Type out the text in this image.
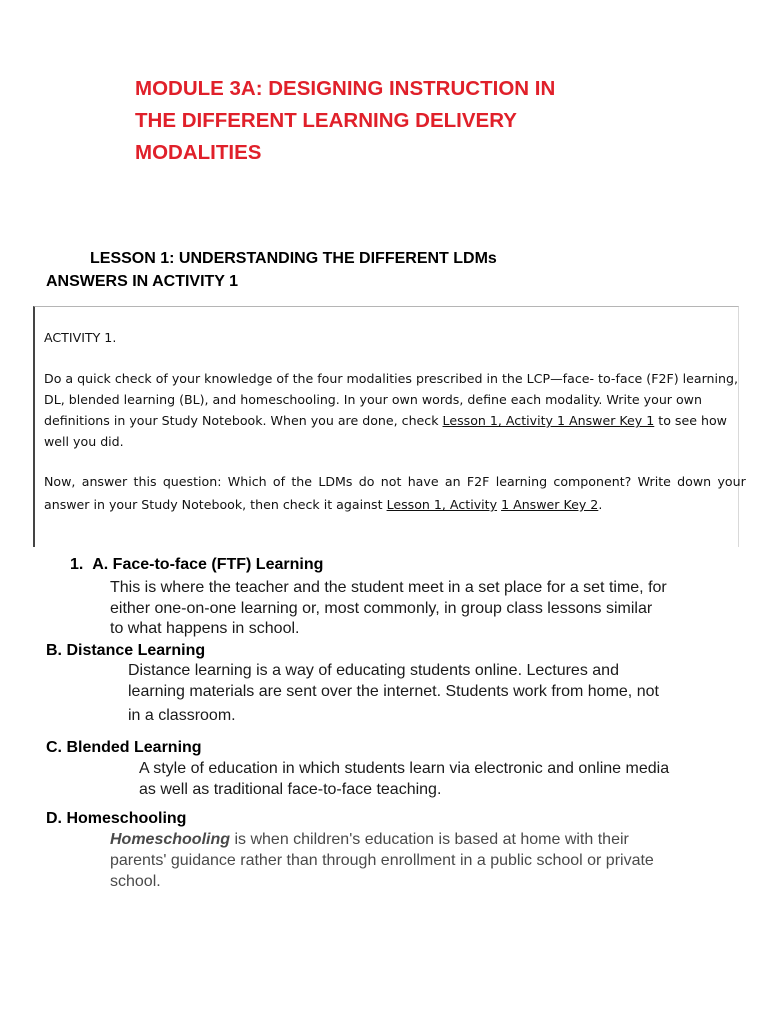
MODULE 3A: DESIGNING INSTRUCTION IN
THE DIFFERENT LEARNING DELIVERY
MODALITIES
LESSON 1: UNDERSTANDING THE DIFFERENT LDMs
ANSWERS IN ACTIVITY 1
ACTIVITY 1.
Do a quick check of your knowledge of the four modalities prescribed in the LCP—face- to-face (F2F) learning,
DL, blended learning (BL), and homeschooling. In your own words, define each modality. Write your own
definitions in your Study Notebook. When you are done, check Lesson 1, Activity 1 Answer Key 1 to see how
well you did.
Now, answer this question: Which of the LDMs do not have an F2F learning component? Write down your
answer in your Study Notebook, then check it against Lesson 1, Activity 1 Answer Key 2.
1. A. Face-to-face (FTF) Learning
This is where the teacher and the student meet in a set place for a set time, for
either one-on-one learning or, most commonly, in group class lessons similar
to what happens in school.
B. Distance Learning
Distance learning is a way of educating students online. Lectures and
learning materials are sent over the internet. Students work from home, not
in a classroom.
C. Blended Learning
A style of education in which students learn via electronic and online media
as well as traditional face-to-face teaching.
D. Homeschooling
Homeschooling is when children's education is based at home with their
parents' guidance rather than through enrollment in a public school or private
school.
